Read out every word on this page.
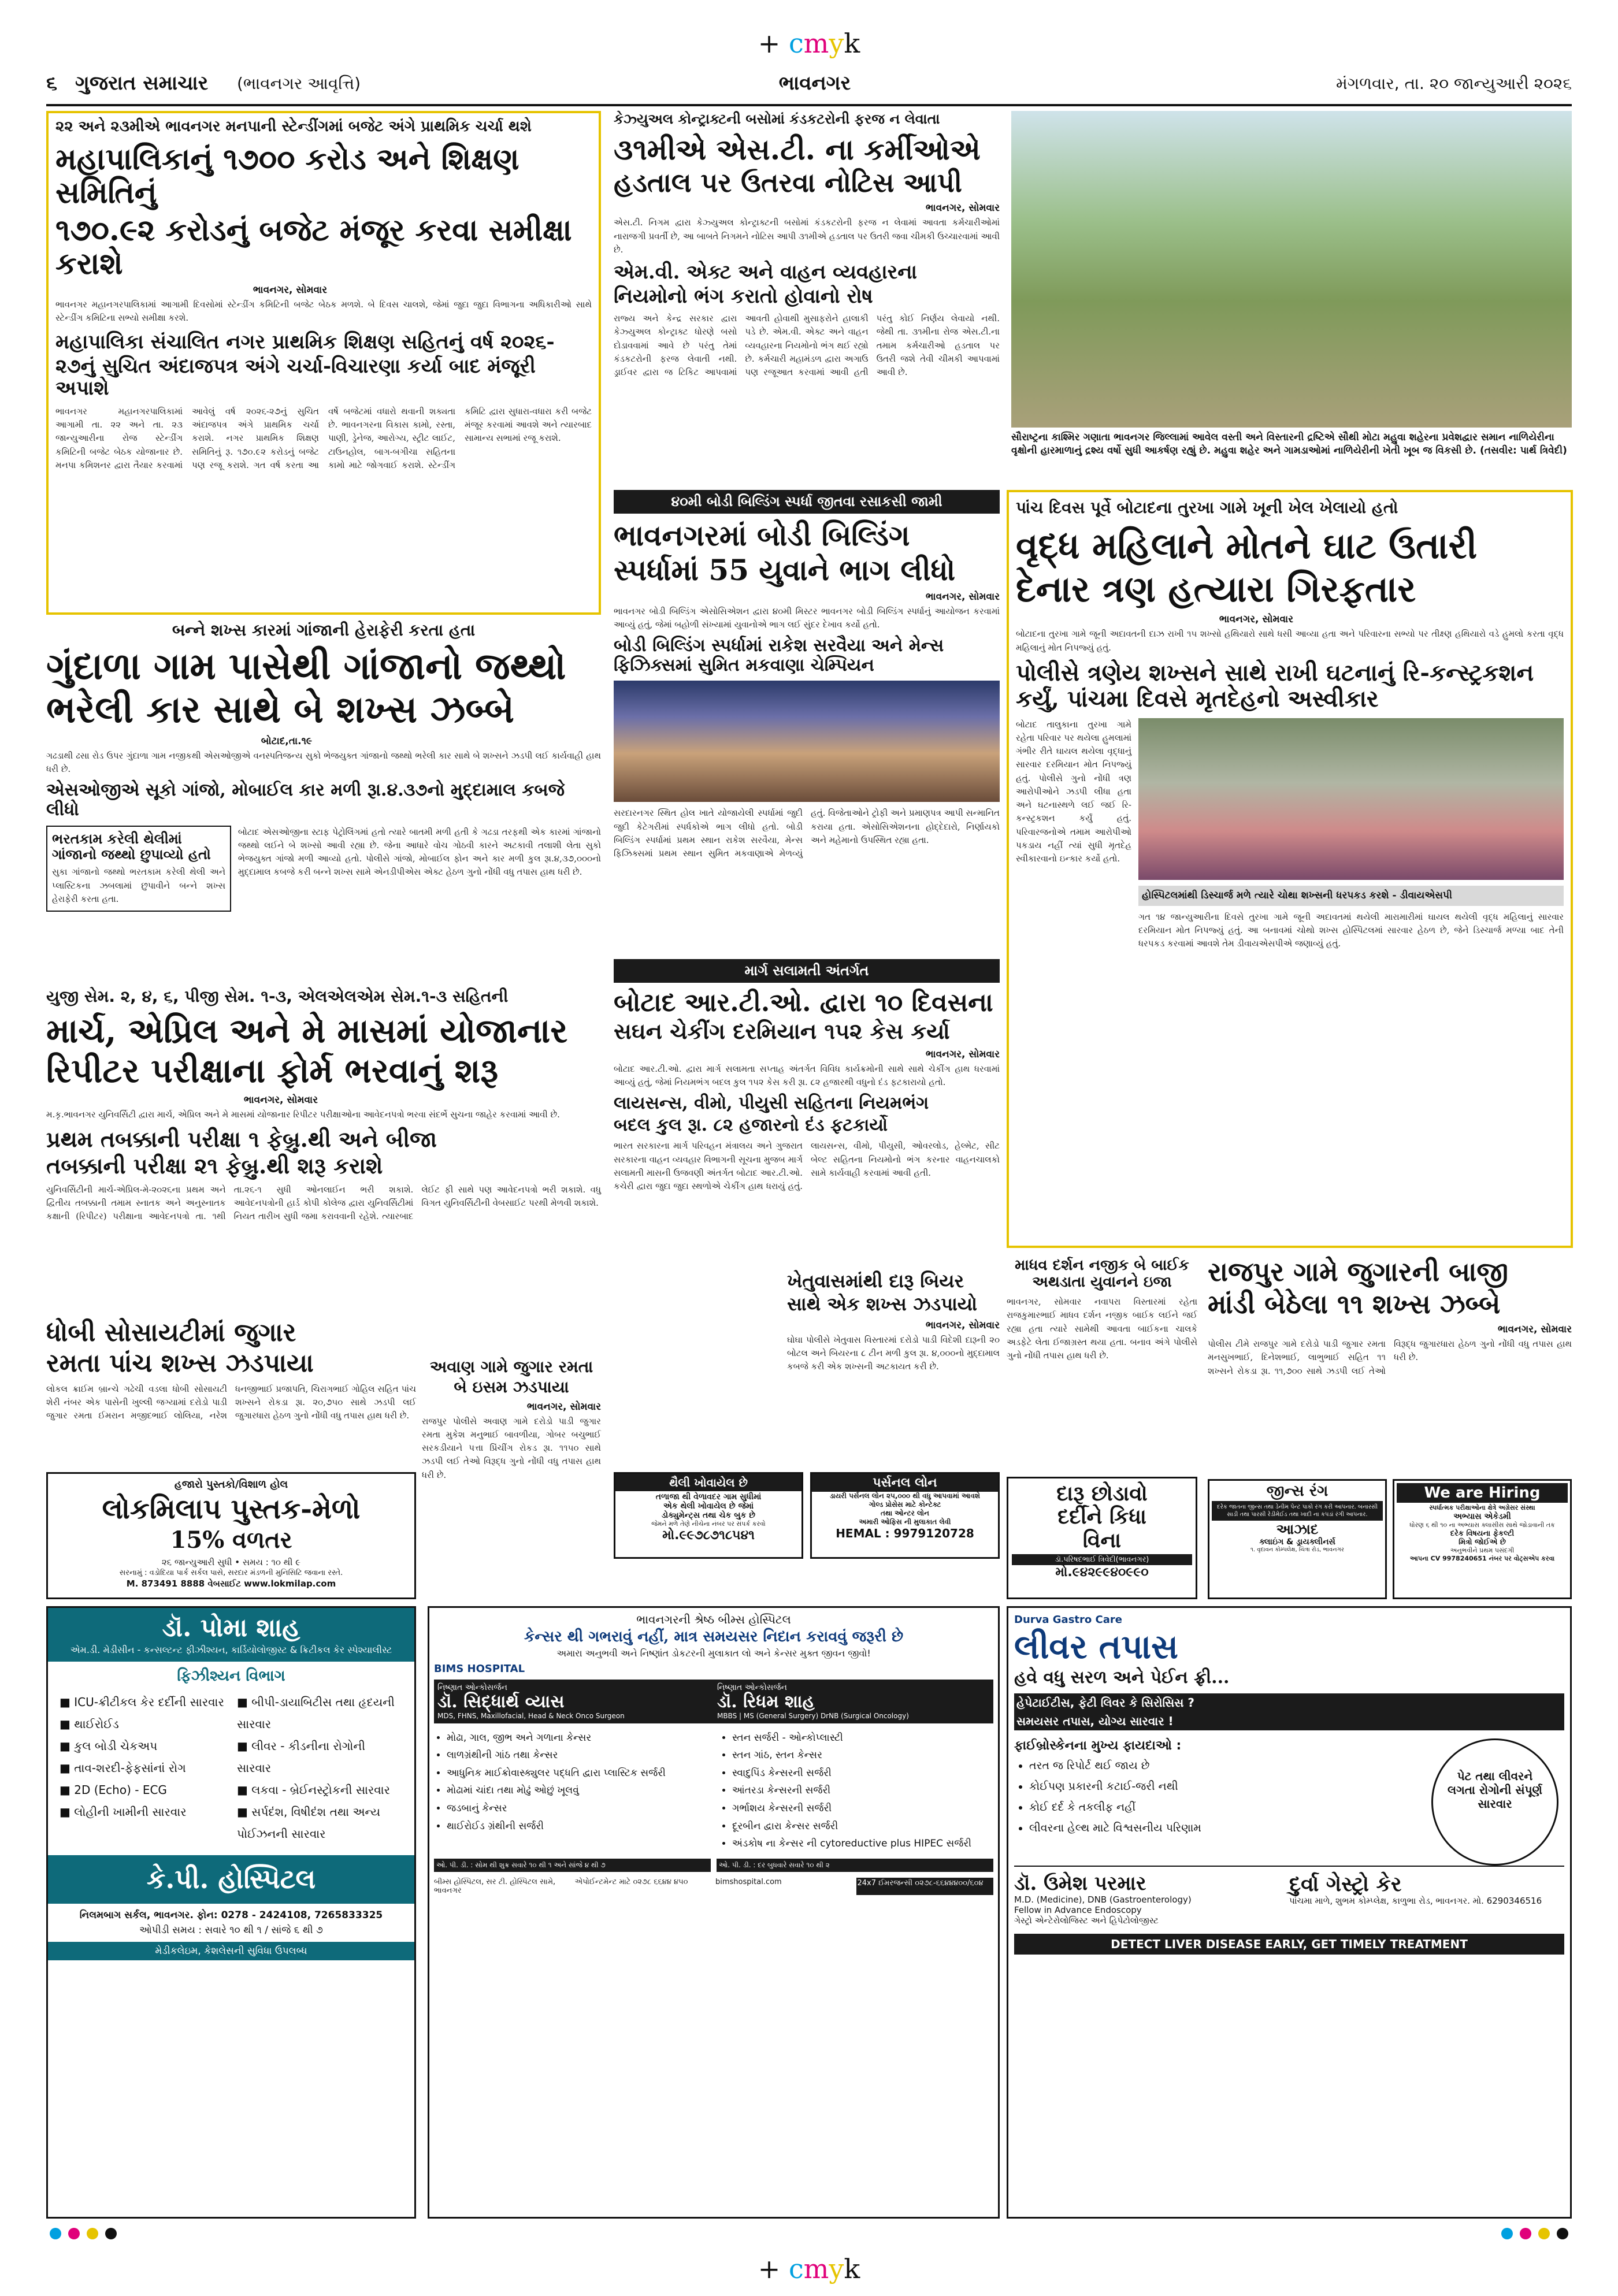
+ cmyk
૬ ગુજરાત સમાચાર (ભાવનગર આવૃત્તિ)	ભાવનગર	મંગળવાર, તા. ૨૦ જાન્યુઆરી ૨૦૨૬
૨૨ અને ૨૩મીએ ભાવનગર મનપાની સ્ટેન્ડીંગમાં બજેટ અંગે પ્રાથમિક ચર્ચા થશે
મહાપાલિકાનું ૧૭૦૦ કરોડ અને શિક્ષણ સમિતિનું
૧૭૦.૯૨ કરોડનું બજેટ મંજૂર કરવા સમીક્ષા કરાશે
ભાવનગર, સોમવાર
ભાવનગર મહાનગરપાલિકામાં આગામી દિવસોમાં સ્ટેન્ડીંગ કમિટિની બજેટ બેઠક મળશે. બે દિવસ ચાલશે, જેમાં જુદા જુદા વિભાગના અધિકારીઓ સાથે સ્ટેન્ડીંગ કમિટિના સભ્યો સમીક્ષા કરશે.
મહાપાલિકા સંચાલિત નગર પ્રાથમિક શિક્ષણ સહિતનું વર્ષ ૨૦૨૬-
૨૭નું સુચિત અંદાજપત્ર અંગે ચર્ચા-વિચારણા કર્યા બાદ મંજૂરી અપાશે
ભાવનગર મહાનગરપાલિકામાં આગામી તા. ૨૨ અને તા. ૨૩ જાન્યુઆરીના રોજ સ્ટેન્ડીંગ કમિટિની બજેટ બેઠક યોજાનાર છે. મનપા કમિશનર દ્વારા તૈયાર કરવામાં આવેલું વર્ષ ૨૦૨૬-૨૭નું સુચિત અંદાજપત્ર અંગે પ્રાથમિક ચર્ચા કરાશે. નગર પ્રાથમિક શિક્ષણ સમિતિનું રૂ. ૧૭૦.૯૨ કરોડનું બજેટ પણ રજૂ કરાશે. ગત વર્ષ કરતા આ વર્ષે બજેટમાં વધારો થવાની શક્યતા છે. ભાવનગરના વિકાસ કામો, રસ્તા, પાણી, ડ્રેનેજ, આરોગ્ય, સ્ટ્રીટ લાઈટ, ટાઉનહોલ, બાગ-બગીચા સહિતના કામો માટે જોગવાઈ કરાશે. સ્ટેન્ડીંગ કમિટિ દ્વારા સુધારા-વધારા કરી બજેટ મંજૂર કરવામાં આવશે અને ત્યારબાદ સામાન્ય સભામાં રજૂ કરાશે.
કેઝ્યુઅલ કોન્ટ્રાક્ટની બસોમાં કંડકટરોની ફરજ ન લેવાતા
૩૧મીએ એસ.ટી. ના કર્મીઓએ
હડતાલ પર ઉતરવા નોટિસ આપી
ભાવનગર, સોમવાર
એસ.ટી. નિગમ દ્વારા કેઝ્યુઅલ કોન્ટ્રાક્ટની બસોમાં કંડકટરોની ફરજ ન લેવામાં આવતા કર્મચારીઓમાં નારાજગી પ્રવર્તી છે, આ બાબતે નિગમને નોટિસ આપી ૩૧મીએ હડતાલ પર ઉતરી જવા ચીમકી ઉચ્ચારવામાં આવી છે.
એમ.વી. એક્ટ અને વાહન વ્યવહારના
નિયમોનો ભંગ કરાતો હોવાનો રોષ
રાજ્ય અને કેન્દ્ર સરકાર દ્વારા કેઝ્યુઅલ કોન્ટ્રાક્ટ ધોરણે બસો દોડાવવામાં આવે છે પરંતુ તેમાં કંડકટરોની ફરજ લેવાતી નથી. ડ્રાઈવર દ્વારા જ ટિકિટ આપવામાં આવતી હોવાથી મુસાફરોને હાલાકી પડે છે. એમ.વી. એક્ટ અને વાહન વ્યવહારના નિયમોનો ભંગ થઈ રહ્યો છે. કર્મચારી મહામંડળ દ્વારા અગાઉ પણ રજૂઆત કરવામાં આવી હતી પરંતુ કોઈ નિર્ણય લેવાયો નથી. જેથી તા. ૩૧મીના રોજ એસ.ટી.ના તમામ કર્મચારીઓ હડતાલ પર ઉતરી જશે તેવી ચીમકી આપવામાં આવી છે.
સૌરાષ્ટ્રના કાશ્મિર ગણાતા ભાવનગર જિલ્લામાં આવેલ વસ્તી અને વિસ્તારની દ્રષ્ટિએ સૌથી મોટા મહુવા શહેરના પ્રવેશદ્વાર સમાન નાળિયેરીના વૃક્ષોની હારમાળાનું દ્રશ્ય વર્ષો સુધી આકર્ષણ રહ્યું છે. મહુવા શહેર અને ગામડાઓમાં નાળિયેરીની ખેતી ખૂબ જ વિકસી છે. (તસવીર: પાર્થ ત્રિવેદી)
પાંચ દિવસ પૂર્વે બોટાદના તુરખા ગામે ખૂની ખેલ ખેલાયો હતો
વૃદ્ધ મહિલાને મોતને ઘાટ ઉતારી
દેનાર ત્રણ હત્યારા ગિરફતાર
ભાવનગર, સોમવાર
બોટાદના તુરખા ગામે જૂની અદાવતની દાઝ રાખી ૧૫ શખ્સો હથિયારો સાથે ધસી આવ્યા હતા અને પરિવારના સભ્યો પર તીક્ષ્ણ હથિયારો વડે હુમલો કરતા વૃદ્ધ મહિલાનું મોત નિપજ્યું હતું.
પોલીસે ત્રણેય શખ્સને સાથે રાખી ઘટનાનું રિ-કન્સ્ટ્રકશન કર્યું, પાંચમા દિવસે મૃતદેહનો અસ્વીકાર
બોટાદ તાલુકાના તુરખા ગામે રહેતા પરિવાર પર થયેલા હુમલામાં ગંભીર રીતે ઘાયલ થયેલા વૃદ્ધાનું સારવાર દરમિયાન મોત નિપજ્યું હતું. પોલીસે ગુનો નોંધી ત્રણ આરોપીઓને ઝડપી લીધા હતા અને ઘટનાસ્થળે લઈ જઈ રિ-કન્સ્ટ્રકશન કર્યું હતું. પરિવારજનોએ તમામ આરોપીઓ પકડાય નહીં ત્યાં સુધી મૃતદેહ સ્વીકારવાનો ઇન્કાર કર્યો હતો.
હોસ્પિટલમાંથી ડિસ્ચાર્જ મળે ત્યારે ચોથા શખ્સની ધરપકડ કરશે - ડીવાયએસપી
ગત ૧૪ જાન્યુઆરીના દિવસે તુરખા ગામે જૂની અદાવતમાં થયેલી મારામારીમાં ઘાયલ થયેલી વૃદ્ધ મહિલાનું સારવાર દરમિયાન મોત નિપજ્યું હતું. આ બનાવમાં ચોથો શખ્સ હોસ્પિટલમાં સારવાર હેઠળ છે, જેને ડિસ્ચાર્જ મળ્યા બાદ તેની ધરપકડ કરવામાં આવશે તેમ ડીવાયએસપીએ જણાવ્યું હતું.
બન્ને શખ્સ કારમાં ગાંજાની હેરાફેરી કરતા હતા
ગુંદાળા ગામ પાસેથી ગાંજાનો જથ્થો
ભરેલી કાર સાથે બે શખ્સ ઝબ્બે
બોટાદ,તા.૧૯
ગઢડાથી ઢસા રોડ ઉપર ગુંદાળા ગામ નજીકથી એસઓજીએ વનસ્પતિજન્ય સુકો ભેજયુક્ત ગાંજાનો જથ્થો ભરેલી કાર સાથે બે શખ્સને ઝડપી લઈ કાર્યવાહી હાથ ધરી છે.
એસઓજીએ સૂકો ગાંજો, મોબાઈલ કાર મળી રૂા.૪.૩૭નો મુદ્દામાલ કબજે લીધો
ભરતકામ કરેલી થેલીમાં ગાંજાનો જથ્થો છુપાવ્યો હતો
સુકા ગાંજાનો જથ્થો ભરતકામ કરેલી થેલી અને પ્લાસ્ટિકના ઝબલામાં છુપાવીને બન્ને શખ્સ હેરાફેરી કરતા હતા.
બોટાદ એસઓજીના સ્ટાફ પેટ્રોલિંગમાં હતો ત્યારે બાતમી મળી હતી કે ગઢડા તરફથી એક કારમાં ગાંજાનો જથ્થો લઈને બે શખ્સો આવી રહ્યા છે. જેના આધારે વોચ ગોઠવી કારને અટકાવી તલાશી લેતા સુકો ભેજયુક્ત ગાંજો મળી આવ્યો હતો. પોલીસે ગાંજો, મોબાઈલ ફોન અને કાર મળી કુલ રૂા.૪,૩૭,૦૦૦નો મુદ્દામાલ કબજે કરી બન્ને શખ્સ સામે એનડીપીએસ એક્ટ હેઠળ ગુનો નોંધી વધુ તપાસ હાથ ધરી છે.
૪૦મી બોડી બિલ્ડિંગ સ્પર્ધા જીતવા રસાકસી જામી
ભાવનગરમાં બોડી બિલ્ડિંગ
સ્પર્ધામાં 55 યુવાને ભાગ લીધો
ભાવનગર, સોમવાર
ભાવનગર બોડી બિલ્ડિંગ એસોસિએશન દ્વારા ૪૦મી મિસ્ટર ભાવનગર બોડી બિલ્ડિંગ સ્પર્ધાનું આયોજન કરવામાં આવ્યું હતું, જેમાં બહોળી સંખ્યામાં યુવાનોએ ભાગ લઈ સુંદર દેખાવ કર્યો હતો.
બોડી બિલ્ડિંગ સ્પર્ધામાં રાકેશ સરવૈયા અને મેન્સ ફિઝિક્સમાં સુમિત મકવાણા ચેમ્પિયન
સરદારનગર સ્થિત હોલ ખાતે યોજાયેલી સ્પર્ધામાં જુદી જુદી કેટેગરીમાં સ્પર્ધકોએ ભાગ લીધો હતો. બોડી બિલ્ડિંગ સ્પર્ધામાં પ્રથમ સ્થાન રાકેશ સરવૈયા, મેન્સ ફિઝિક્સમાં પ્રથમ સ્થાન સુમિત મકવાણાએ મેળવ્યું હતું. વિજેતાઓને ટ્રોફી અને પ્રમાણપત્ર આપી સન્માનિત કરાયા હતા. એસોસિએશનના હોદ્દેદારો, નિર્ણાયકો અને મહેમાનો ઉપસ્થિત રહ્યા હતા.
યુજી સેમ. ૨, ૪, ૬, પીજી સેમ. ૧-૩, એલએલએમ સેમ.૧-૩ સહિતની
માર્ચ, એપ્રિલ અને મે માસમાં યોજાનાર
રિપીટર પરીક્ષાના ફોર્મ ભરવાનું શરૂ
ભાવનગર, સોમવાર
મ.કૃ.ભાવનગર યુનિવર્સિટી દ્વારા માર્ચ, એપ્રિલ અને મે માસમાં યોજાનાર રિપીટર પરીક્ષાઓના આવેદનપત્રો ભરવા સંદર્ભે સુચના જાહેર કરવામાં આવી છે.
પ્રથમ તબક્કાની પરીક્ષા ૧ ફેબ્રુ.થી અને બીજા
તબક્કાની પરીક્ષા ૨૧ ફેબ્રુ.થી શરૂ કરાશે
યુનિવર્સિટીની માર્ચ-એપ્રિલ-મે-૨૦૨૬ના પ્રથમ અને દ્વિતીય તબક્કાની તમામ સ્નાતક અને અનુસ્નાતક કક્ષાની (રિપીટર) પરીક્ષાના આવેદનપત્રો તા. ૧થી તા.૨૬-૧ સુધી ઓનલાઈન ભરી શકાશે. આવેદનપત્રોની હાર્ડ કોપી કોલેજ દ્વારા યુનિવર્સિટીમાં નિયત તારીખ સુધી જમા કરાવવાની રહેશે. ત્યારબાદ લેઈટ ફી સાથે પણ આવેદનપત્રો ભરી શકાશે. વધુ વિગત યુનિવર્સિટીની વેબસાઈટ પરથી મેળવી શકાશે.
માર્ગ સલામતી અંતર્ગત
બોટાદ આર.ટી.ઓ. દ્વારા ૧૦ દિવસના
સઘન ચેકીંગ દરમિયાન ૧૫૨ કેસ કર્યા
ભાવનગર, સોમવાર
બોટાદ આર.ટી.ઓ. દ્વારા માર્ગ સલામતા સપ્તાહ અંતર્ગત વિવિધ કાર્યક્રમોની સાથે સાથે ચેકીંગ હાથ ધરવામાં આવ્યું હતું, જેમાં નિયમભંગ બદલ કુલ ૧૫૨ કેસ કરી રૂા. ૮૨ હજારથી વધુનો દંડ ફટકારાયો હતો.
લાયસન્સ, વીમો, પીયુસી સહિતના નિયમભંગ
બદલ કુલ રૂા. ૮૨ હજારનો દંડ ફટકાર્યો
ભારત સરકારના માર્ગ પરિવહન મંત્રાલય અને ગુજરાત સરકારના વાહન વ્યવહાર વિભાગની સૂચના મુજબ માર્ગ સલામતી માસની ઉજવણી અંતર્ગત બોટાદ આર.ટી.ઓ. કચેરી દ્વારા જુદા જુદા સ્થળોએ ચેકીંગ હાથ ધરાયું હતું. લાયસન્સ, વીમો, પીયુસી, ઓવરલોડ, હેલ્મેટ, સીટ બેલ્ટ સહિતના નિયમોનો ભંગ કરનાર વાહનચાલકો સામે કાર્યવાહી કરવામાં આવી હતી.
ધોબી સોસાયટીમાં જુગાર
રમતા પાંચ શખ્સ ઝડપાયા
લોકલ ક્રાઈમ બ્રાન્ચે ગઢેચી વડલા ધોબી સોસાયટી શેરી નંબર એક પાસેની ખુલ્લી જગ્યામાં દરોડો પાડી જુગાર રમતા ઈમરાન મજીદભાઈ લોલિયા, નરેશ ધનજીભાઈ પ્રજાપતિ, ચિરાગભાઈ ગોહિલ સહિત પાંચ શખ્સને રોકડા રૂા. ૨૦,૭૫૦ સાથે ઝડપી લઈ જુગારધારા હેઠળ ગુનો નોંધી વધુ તપાસ હાથ ધરી છે.
અવાણ ગામે જુગાર રમતા
બે ઇસમ ઝડપાયા
ભાવનગર, સોમવાર
રાજપુર પોલીસે અવાણ ગામે દરોડો પાડી જુગાર રમતા મુકેશ મનુભાઈ બાવળીયા, ગોબર બચુભાઈ સરકડીયાને પત્તા પ્રિંચીંગ રોકડ રૂા. ૧૧૫૦ સાથે ઝડપી લઈ તેઓ વિરૂદ્ધ ગુનો નોંધી વધુ તપાસ હાથ ધરી છે.
ખેતુવાસમાંથી દારૂ બિયર
સાથે એક શખ્સ ઝડપાયો
ભાવનગર, સોમવાર
ઘોઘા પોલીસે ખેતુવાસ વિસ્તારમાં દરોડો પાડી વિદેશી દારૂની ૨૦ બોટલ અને બિયરના ૮ ટીન મળી કુલ રૂા. ૪,૦૦૦નો મુદ્દામાલ કબજે કરી એક શખ્સની અટકાયત કરી છે.
માધવ દર્શન નજીક બે બાઈક અથડાતા યુવાનને ઇજા
ભાવનગર, સોમવાર નવાપરા વિસ્તારમાં રહેતા રાજકુમારભાઈ માધવ દર્શન નજીક બાઈક લઈને જઈ રહ્યા હતા ત્યારે સામેથી આવતા બાઈકના ચાલકે અડફેટે લેતા ઈજાગ્રસ્ત થયા હતા. બનાવ અંગે પોલીસે ગુનો નોંધી તપાસ હાથ ધરી છે.
રાજપુર ગામે જુગારની બાજી
માંડી બેઠેલા ૧૧ શખ્સ ઝબ્બે
ભાવનગર, સોમવાર
પોલીસ ટીમે રાજપુર ગામે દરોડો પાડી જુગાર રમતા મનસુખભાઈ, દિનેશભાઈ, લાભુભાઈ સહિત ૧૧ શખ્સને રોકડા રૂા. ૧૧,૭૦૦ સાથે ઝડપી લઈ તેઓ વિરૂદ્ધ જુગારધારા હેઠળ ગુનો નોંધી વધુ તપાસ હાથ ધરી છે.
હજારો પુસ્તકો/વિશાળ હોલ
લોકમિલાપ પુસ્તક-મેળો
15% વળતર
૨૬ જાન્યુઆરી સુધી • સમય : ૧૦ થી ૯
સરનામું : વડોદિયા પાર્ક સર્કલ પાસે, સરદાર મંડળની મુનિસિટિ જવાના રસ્તે.
M. 873491 8888 વેબસાઈટ www.lokmilap.com
થૈલી ખોવાયેલ છે
તળાજા થી વેળાવદર ગામ સુધીમાં
એક થેલી ખોવાયેલ છે જેમાં
ડોક્યુમેન્ટ્સ તથા ચેક બુક છે
જેમને મળે તેણે નીચેના નંબર પર સંપર્ક કરવો
મો.૯૯૭૮૭૧૮૫૪૧
પર્સનલ લોન
ડાયરી પર્સનલ લોન ૨૫,૦૦૦ થી વધુ આપવામાં આવશે
ગોલ્ડ પ્રોસેસ માટે કોન્ટેક્ટ
તથા ઓન્ટર લોન
અમારી ઓફિસ ની મુલાકાત લેવી
HEMAL : 9979120728
દારૂ છોડાવો
દર્દીને કિધા
વિના
ડૉ.પરિષદભાઈ ત્રિવેદી(ભાવનગર)
મો.૯૪૨૯૯૪૦૯૯૦
જીન્સ રંગ
દરેક જાતના જીન્સ તથા ડેનીમ પેન્ટ પાકો રંગ કરી આપનાર. બનારસી સાડી તથા પારસી રેડીમેઈડ તથા ખાદી ના કપડાં રંગી આપનાર.
આઝાદ
ક્લાઇંગ & ડ્રાયક્લીનર્સ
૧. વૃદાવન કોમ્પલેક્ષ, ચિત્રા રોડ, ભાવનગર
We are Hiring
સ્પર્ધાત્મક પરીક્ષાઓના ક્ષેત્રે અગ્રેસર સંસ્થા
અભ્યાસ એકેડમી
ધોરણ ૬ થી ૧૦ ના અભ્યાસ ક્લાસીસ સાથે જોડાવાની તક
દરેક વિષયના ફેકલ્ટી
મિત્રો જોઈએ છે
અનુભવીને પ્રથમ પસંદગી
આપના CV 9978240651 નંબર પર વોટ્સએપ કરવા
ડૉ. પોમા શાહ
એમ.ડી. મેડીસીન - કન્સલ્ટન્ટ ફીઝીશ્યન, કાર્ડિયોલોજીસ્ટ & ક્રિટીકલ કેર સ્પેશ્યાલીસ્ટ
ફિઝીશ્યન વિભાગ
■ ICU-ક્રીટીકલ કેર દર્દીની સારવાર
■ થાઈરોઈડ
■ કુલ બોડી ચેકઅપ
■ તાવ-શરદી-ફેફસાંનાં રોગ
■ 2D (Echo) - ECG
■ લોહીની ખામીની સારવાર
■ બીપી-ડાયાબિટીસ તથા હૃદયની સારવાર
■ લીવર - કીડનીના રોગોની સારવાર
■ લકવા - બ્રેઈનસ્ટ્રોકની સારવાર
■ સર્પદંશ, વિષીદંશ તથા અન્ય પોઈઝનની સારવાર
કે.પી. હોસ્પિટલ
નિલમબાગ સર્કલ, ભાવનગર. ફોન: 0278 - 2424108, 7265833325
ઓપીડી સમય : સવારે ૧૦ થી ૧ / સાંજે ૬ થી ૭
મેડીકલેઇમ, કેશલેસની સુવિધા ઉપલબ્ધ
ભાવનગરની શ્રેષ્ઠ બીમ્સ હોસ્પિટલ
કેન્સર થી ગભરાવું નહીં, માત્ર સમયસર નિદાન કરાવવું જરૂરી છે
અમારા અનુભવી અને નિષ્ણાંત ડોકટરની મુલાકાત લો અને કેન્સર મુક્ત જીવન જીવો!
BIMS HOSPITAL
નિષ્ણાત ઓન્કોસર્જન
ડૉ. સિદ્ધાર્થ વ્યાસ
MDS, FHNS, Maxillofacial, Head & Neck Onco Surgeon
નિષ્ણાત ઓન્કોસર્જન
ડૉ. રિધમ શાહ
MBBS | MS (General Surgery) DrNB (Surgical Oncology)
• મોઢા, ગાલ, જીભ અને ગળાના કેન્સર
• લાળગ્રંથીની ગાંઠ તથા કેન્સર
• આધુનિક માઈક્રોવાસ્ક્યુલર પદ્ધતિ દ્વારા પ્લાસ્ટિક સર્જરી
• મોઢામાં ચાંદા તથા મોઢું ઓછું ખૂલવું
• જડબાનું કેન્સર
• થાઈરોઈડ ગ્રંથીની સર્જરી
• સ્તન સર્જરી - ઓન્કોપ્લાસ્ટી
• સ્તન ગાંઠ, સ્તન કેન્સર
• સ્વાદુપિંડ કેન્સરની સર્જરી
• આંતરડા કેન્સરની સર્જરી
• ગર્ભાશય કેન્સરની સર્જરી
• દૂરબીન દ્વારા કેન્સર સર્જરી
• અંડકોષ ના કેન્સર ની cytoreductive plus HIPEC સર્જરી
ઓ. પી. ડી. : સોમ થી શુક્ર સવારે ૧૦ થી ૧ અને સાંજે ૪ થી ૭	ઓ. પી. ડી. : દર બુધવારે સવારે ૧૦ થી ૨
બીમ્સ હોસ્પિટલ, સર ટી. હોસ્પિટલ સામે, ભાવનગર
એપોઈન્ટમેન્ટ માટે ૦૨૭૮ ૬૬૪૪ ૪૫૦	bimshospital.com	24x7 ઈમરજન્સી ૦૨૭૮-૬૬૪૪૪૦૦/૬૦૪
Durva Gastro Care
લીવર તપાસ
હવે વધુ સરળ અને પેઈન ફ્રી...
હેપેટાઈટીસ, ફેટી લિવર કે સિરોસિસ ?
સમયસર તપાસ, યોગ્ય સારવાર !
પેટ તથા લીવરને લગતા રોગોની સંપૂર્ણ સારવાર
ફાઈબ્રોસ્કેનના મુખ્ય ફાયદાઓ :
• તરત જ રિપોર્ટ થઈ જાય છે
• કોઈપણ પ્રકારની કટાઈ-જરી નથી
• કોઈ દર્દ કે તકલીફ નહીં
• લીવરના હેલ્થ માટે વિશ્વસનીય પરિણામ
ડૉ. ઉમેશ પરમાર
M.D. (Medicine), DNB (Gastroenterology)
Fellow in Advance Endoscopy
ગેસ્ટ્રો એન્ટેરોલોજિસ્ટ અને હિપેટોલોજીસ્ટ
દુર્વા ગેસ્ટ્રો કેર
પાંચમા માળે, શુભમ કોમ્પ્લેક્ષ, કાળુભા રોડ, ભાવનગર. મો. 6290346516
DETECT LIVER DISEASE EARLY, GET TIMELY TREATMENT
+ cmyk
